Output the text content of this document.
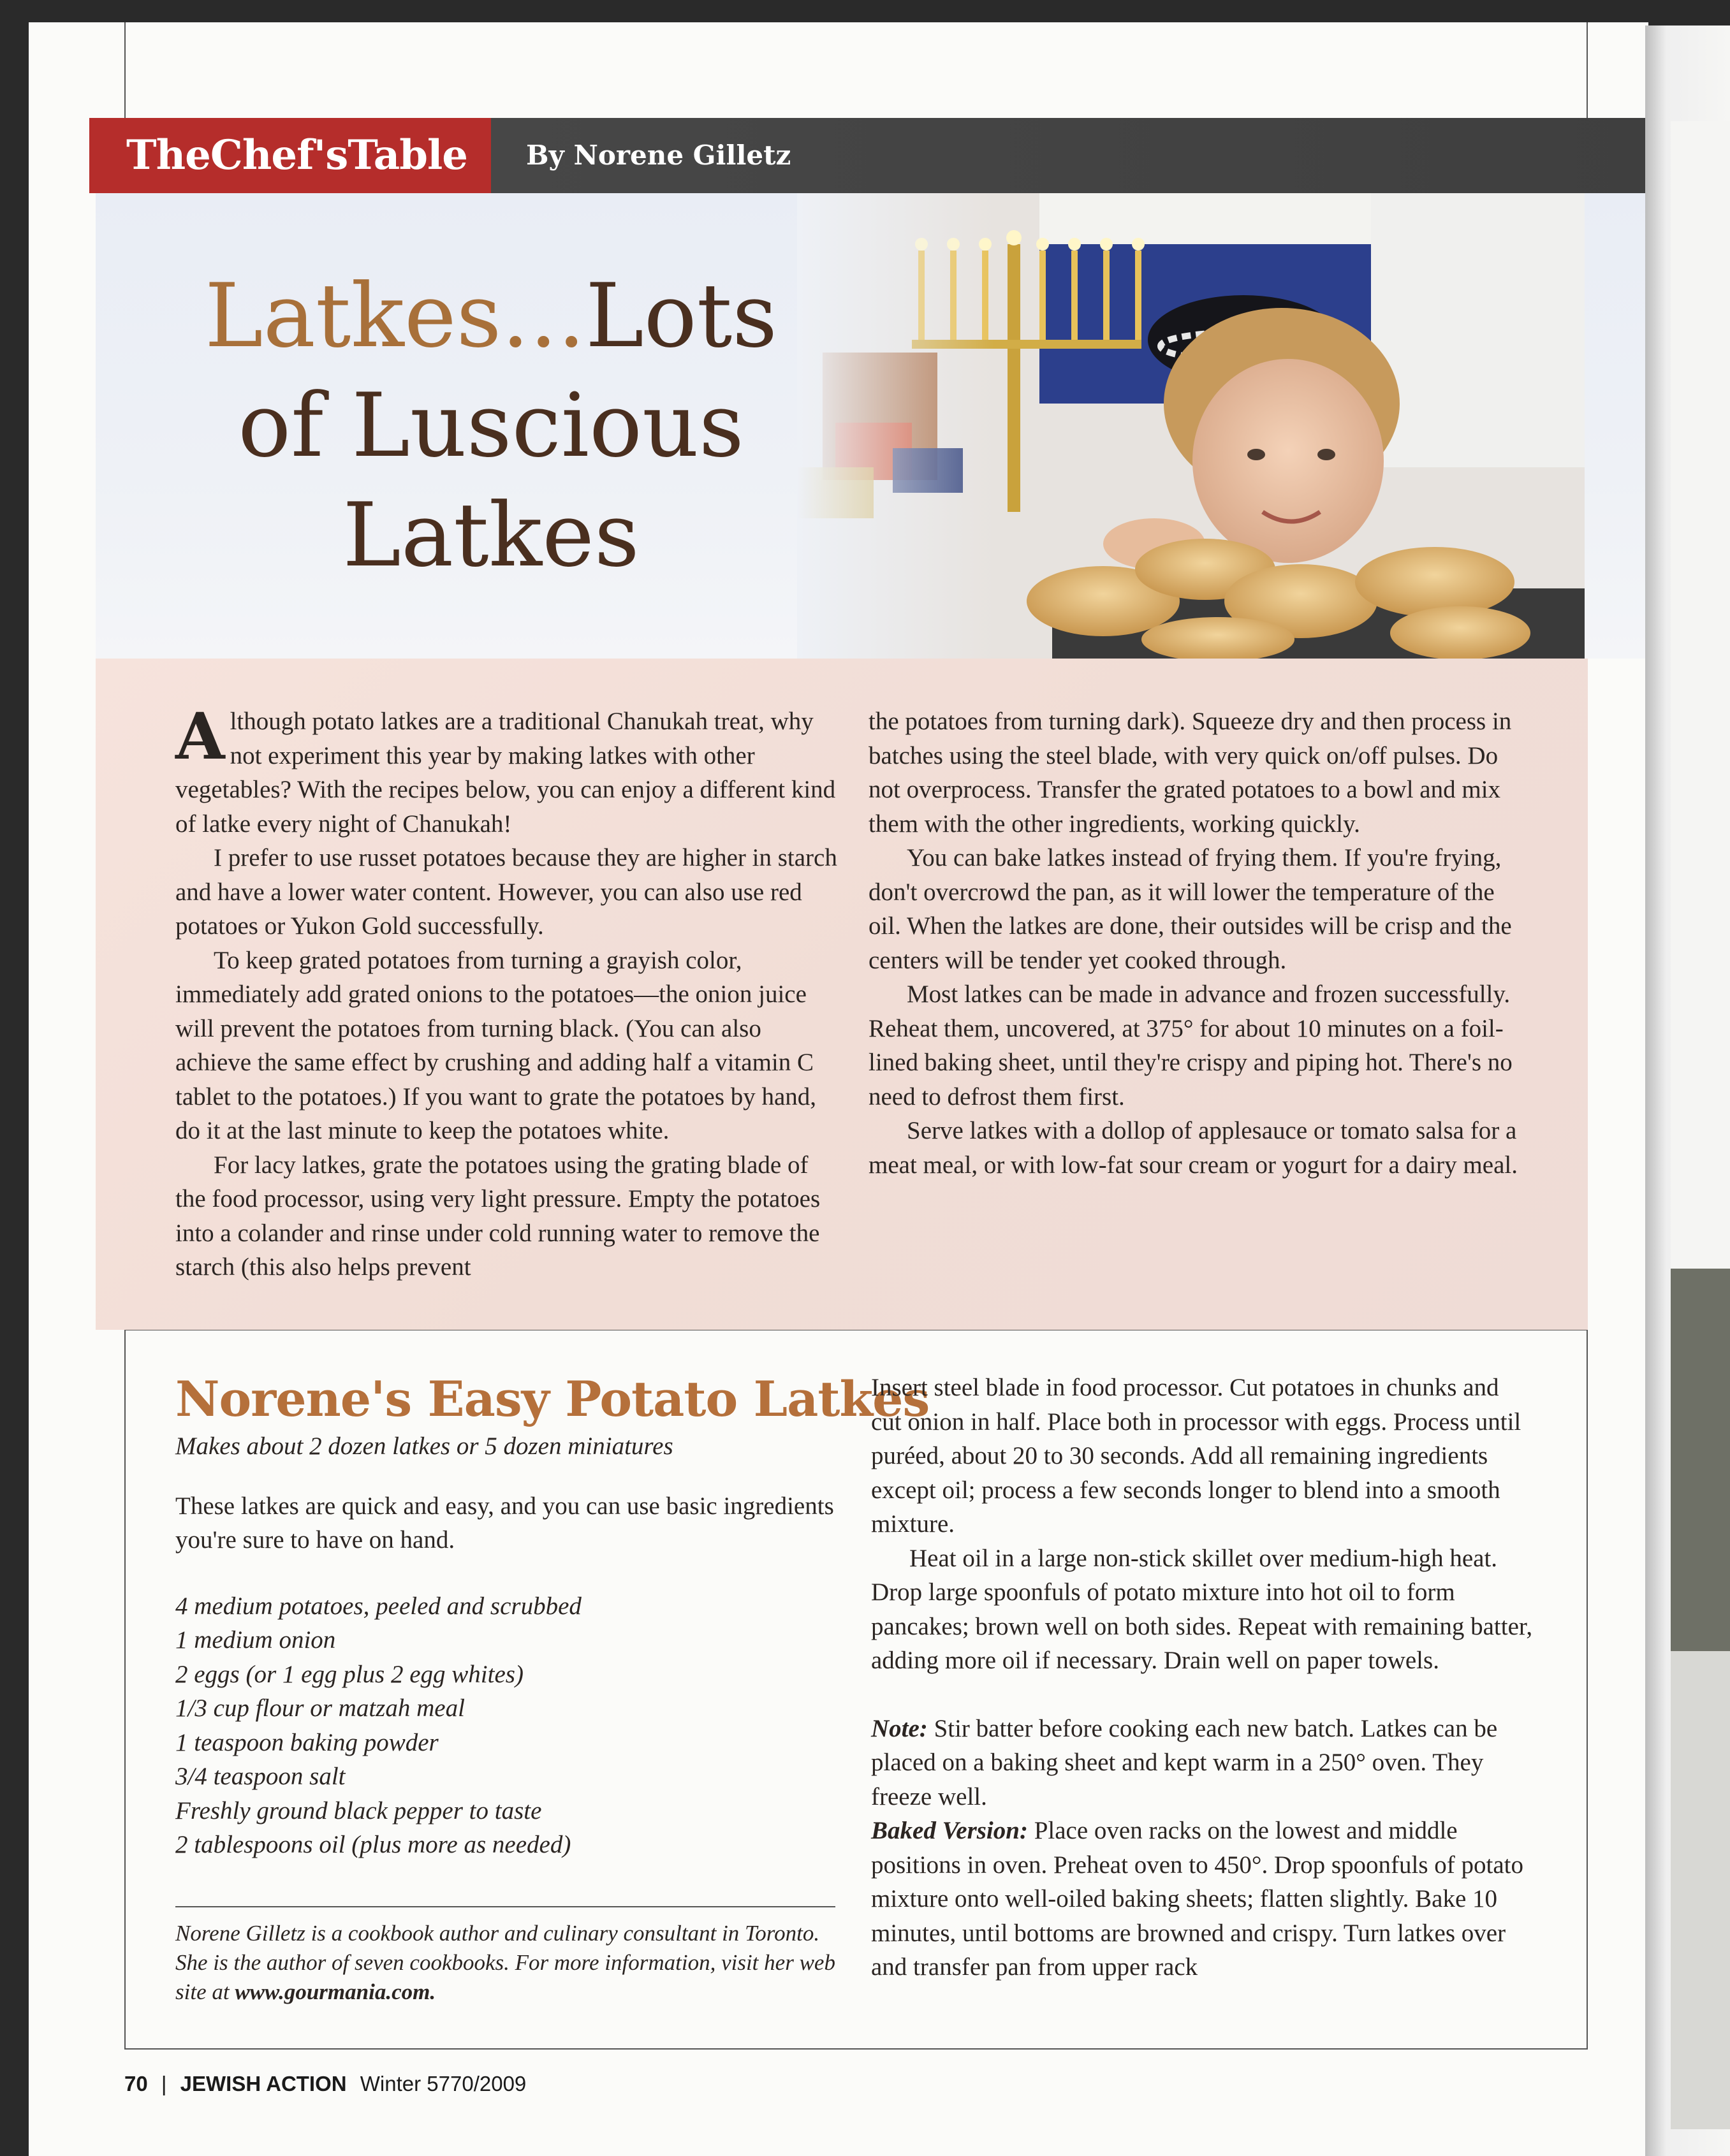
TheChef'sTable	By Norene Gilletz
Latkes...Lots
of Luscious
Latkes

Although potato latkes are a traditional Chanukah treat, why not experiment this year by making latkes with other vegetables? With the recipes below, you can enjoy a different kind of latke every night of Chanukah!

I prefer to use russet potatoes because they are higher in starch and have a lower water content. However, you can also use red potatoes or Yukon Gold successfully.

To keep grated potatoes from turning a grayish color, immediately add grated onions to the potatoes—the onion juice will prevent the potatoes from turning black. (You can also achieve the same effect by crushing and adding half a vitamin C tablet to the potatoes.) If you want to grate the potatoes by hand, do it at the last minute to keep the potatoes white.

For lacy latkes, grate the potatoes using the grating blade of the food processor, using very light pressure. Empty the potatoes into a colander and rinse under cold running water to remove the starch (this also helps prevent

the potatoes from turning dark). Squeeze dry and then process in batches using the steel blade, with very quick on/off pulses. Do not overprocess. Transfer the grated potatoes to a bowl and mix them with the other ingredients, working quickly.

You can bake latkes instead of frying them. If you're frying, don't overcrowd the pan, as it will lower the temperature of the oil. When the latkes are done, their outsides will be crisp and the centers will be tender yet cooked through.

Most latkes can be made in advance and frozen successfully. Reheat them, uncovered, at 375° for about 10 minutes on a foil-lined baking sheet, until they're crispy and piping hot. There's no need to defrost them first.

Serve latkes with a dollop of applesauce or tomato salsa for a meat meal, or with low-fat sour cream or yogurt for a dairy meal.

Norene's Easy Potato Latkes
Makes about 2 dozen latkes or 5 dozen miniatures
These latkes are quick and easy, and you can use basic ingredients you're sure to have on hand.
4 medium potatoes, peeled and scrubbed
1 medium onion
2 eggs (or 1 egg plus 2 egg whites)
1/3 cup flour or matzah meal
1 teaspoon baking powder
3/4 teaspoon salt
Freshly ground black pepper to taste
2 tablespoons oil (plus more as needed)
Norene Gilletz is a cookbook author and culinary consultant in Toronto. She is the author of seven cookbooks. For more information, visit her web site at www.gourmania.com.

Insert steel blade in food processor. Cut potatoes in chunks and cut onion in half. Place both in processor with eggs. Process until puréed, about 20 to 30 seconds. Add all remaining ingredients except oil; process a few seconds longer to blend into a smooth mixture.

Heat oil in a large non-stick skillet over medium-high heat. Drop large spoonfuls of potato mixture into hot oil to form pancakes; brown well on both sides. Repeat with remaining batter, adding more oil if necessary. Drain well on paper towels.

Note: Stir batter before cooking each new batch. Latkes can be placed on a baking sheet and kept warm in a 250° oven. They freeze well.
Baked Version: Place oven racks on the lowest and middle positions in oven. Preheat oven to 450°. Drop spoonfuls of potato mixture onto well-oiled baking sheets; flatten slightly. Bake 10 minutes, until bottoms are browned and crispy. Turn latkes over and transfer pan from upper rack
70 | JEWISH ACTION Winter 5770/2009
